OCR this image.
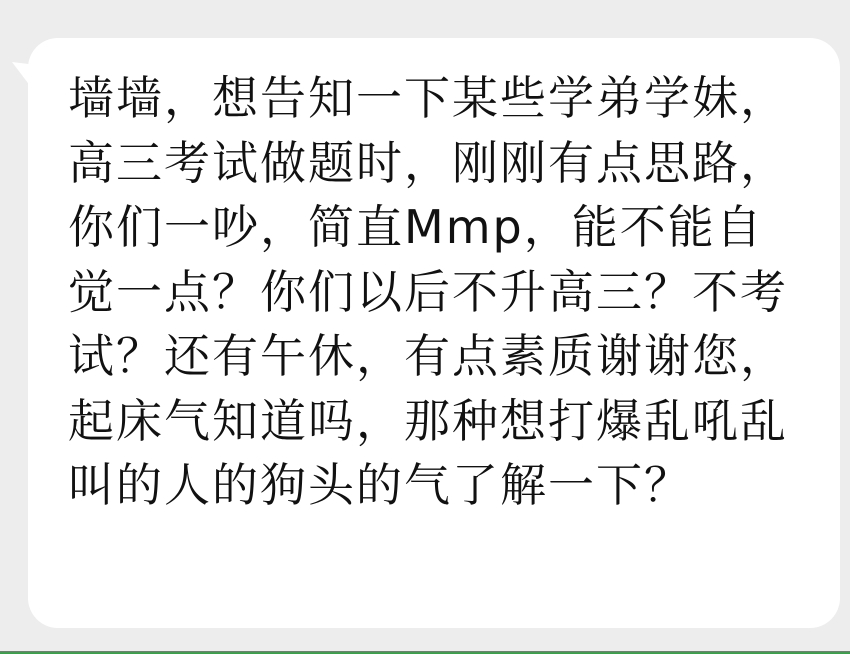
墙墙，想告知一下某些学弟学妹，高三考试做题时，刚刚有点思路，你们一吵，简直Mmp，能不能自觉一点？你们以后不升高三？不考试？还有午休，有点素质谢谢您，起床气知道吗，那种想打爆乱吼乱叫的人的狗头的气了解一下？
